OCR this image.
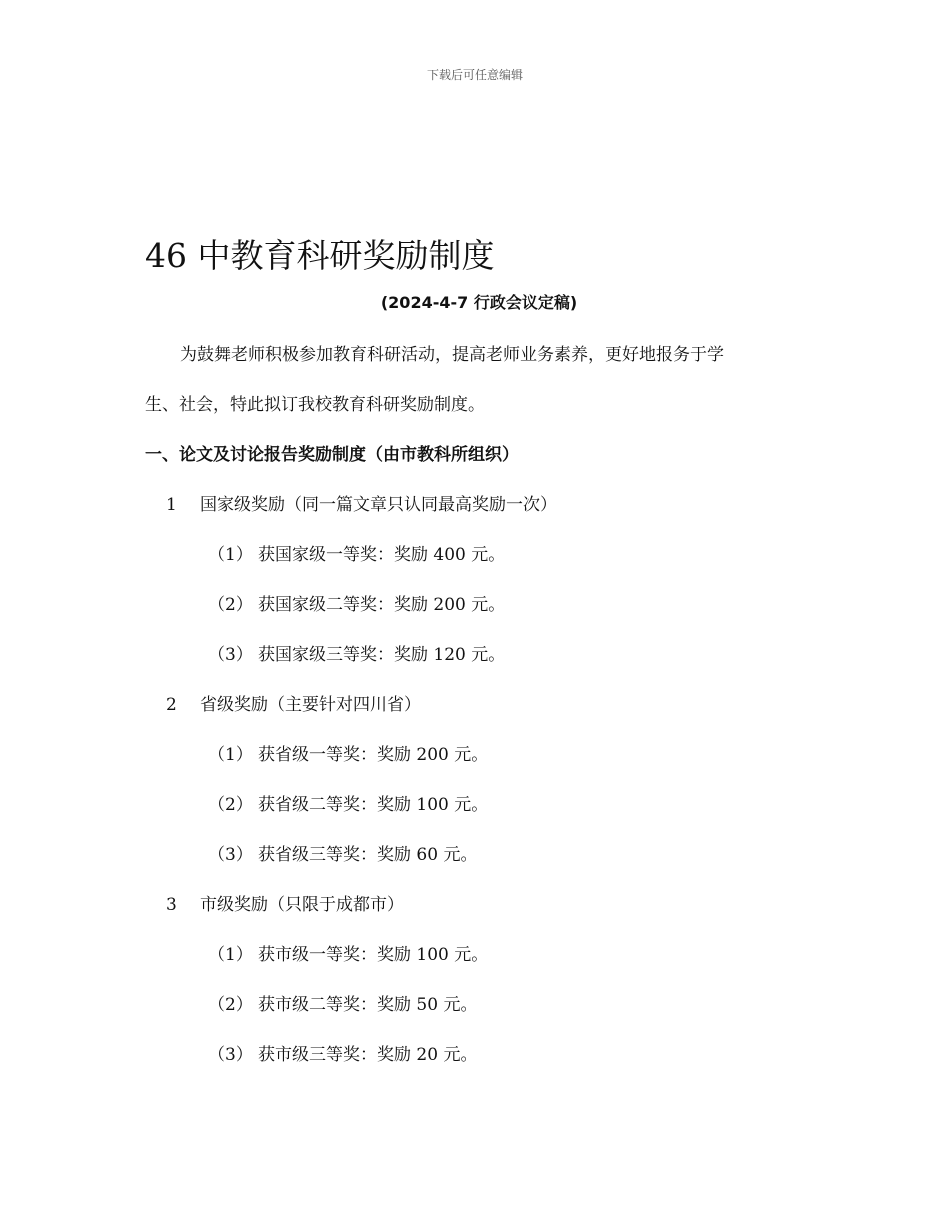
下载后可任意编辑
46 中教育科研奖励制度
(2024-4-7 行政会议定稿)

为鼓舞老师积极参加教育科研活动，提高老师业务素养，更好地报务于学

生、社会，特此拟订我校教育科研奖励制度。

一、论文及讨论报告奖励制度（由市教科所组织）
1 国家级奖励（同一篇文章只认同最高奖励一次）
（1） 获国家级一等奖：奖励 400 元。
（2） 获国家级二等奖：奖励 200 元。
（3） 获国家级三等奖：奖励 120 元。
2 省级奖励（主要针对四川省）
（1） 获省级一等奖：奖励 200 元。
（2） 获省级二等奖：奖励 100 元。
（3） 获省级三等奖：奖励 60 元。
3 市级奖励（只限于成都市）
（1） 获市级一等奖：奖励 100 元。
（2） 获市级二等奖：奖励 50 元。
（3） 获市级三等奖：奖励 20 元。
